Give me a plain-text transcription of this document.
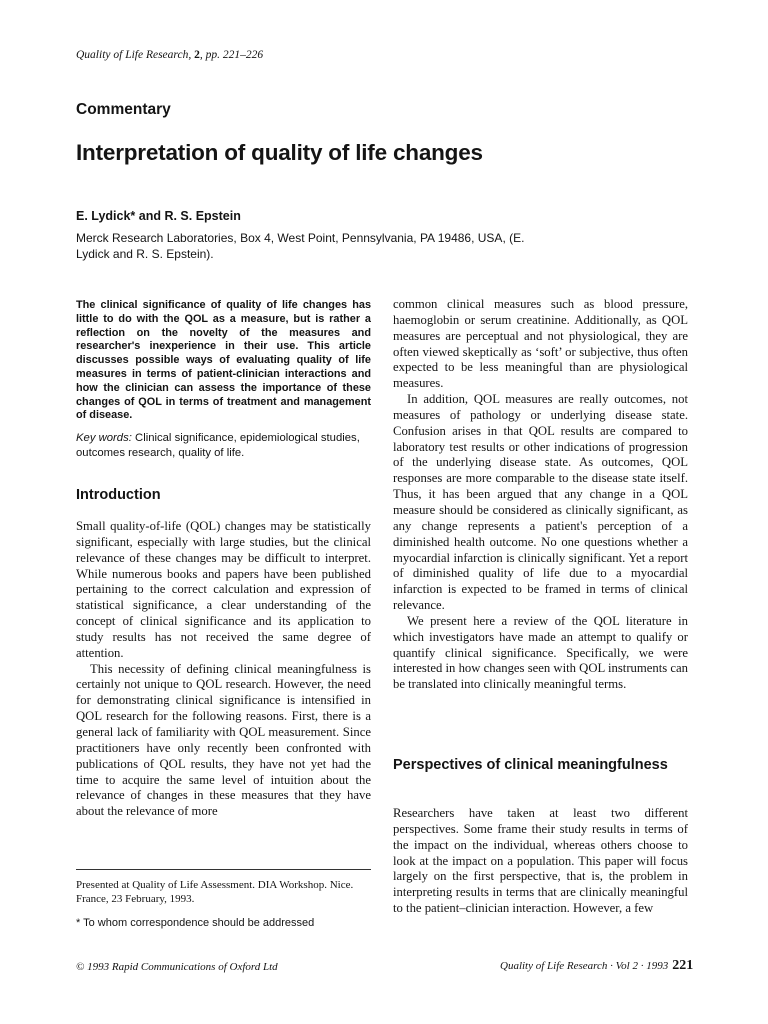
Quality of Life Research, 2, pp. 221–226
Commentary
Interpretation of quality of life changes
E. Lydick* and R. S. Epstein
Merck Research Laboratories, Box 4, West Point, Pennsylvania, PA 19486, USA, (E. Lydick and R. S. Epstein).
The clinical significance of quality of life changes has little to do with the QOL as a measure, but is rather a reflection on the novelty of the measures and researcher's inexperience in their use. This article discusses possible ways of evaluating quality of life measures in terms of patient-clinician interactions and how the clinician can assess the importance of these changes of QOL in terms of treatment and management of disease.
Key words: Clinical significance, epidemiological studies, outcomes research, quality of life.
Introduction

Small quality-of-life (QOL) changes may be statistically significant, especially with large studies, but the clinical relevance of these changes may be difficult to interpret. While numerous books and papers have been published pertaining to the correct calculation and expression of statistical significance, a clear understanding of the concept of clinical significance and its application to study results has not received the same degree of attention.

This necessity of defining clinical meaningfulness is certainly not unique to QOL research. However, the need for demonstrating clinical significance is intensified in QOL research for the following reasons. First, there is a general lack of familiarity with QOL measurement. Since practitioners have only recently been confronted with publications of QOL results, they have not yet had the time to acquire the same level of intuition about the relevance of changes in these measures that they have about the relevance of more

Presented at Quality of Life Assessment. DIA Workshop. Nice. France, 23 February, 1993.
* To whom correspondence should be addressed

common clinical measures such as blood pressure, haemoglobin or serum creatinine. Additionally, as QOL measures are perceptual and not physiological, they are often viewed skeptically as ‘soft’ or subjective, thus often expected to be less meaningful than are physiological measures.

In addition, QOL measures are really outcomes, not measures of pathology or underlying disease state. Confusion arises in that QOL results are compared to laboratory test results or other indications of progression of the underlying disease state. As outcomes, QOL responses are more comparable to the disease state itself. Thus, it has been argued that any change in a QOL measure should be considered as clinically significant, as any change represents a patient's perception of a diminished health outcome. No one questions whether a myocardial infarction is clinically significant. Yet a report of diminished quality of life due to a myocardial infarction is expected to be framed in terms of clinical relevance.

We present here a review of the QOL literature in which investigators have made an attempt to qualify or quantify clinical significance. Specifically, we were interested in how changes seen with QOL instruments can be translated into clinically meaningful terms.

Perspectives of clinical meaningfulness

Researchers have taken at least two different perspectives. Some frame their study results in terms of the impact on the individual, whereas others choose to look at the impact on a population. This paper will focus largely on the first perspective, that is, the problem in interpreting results in terms that are clinically meaningful to the patient–clinician interaction. However, a few

© 1993 Rapid Communications of Oxford Ltd	Quality of Life Research · Vol 2 · 1993 221
